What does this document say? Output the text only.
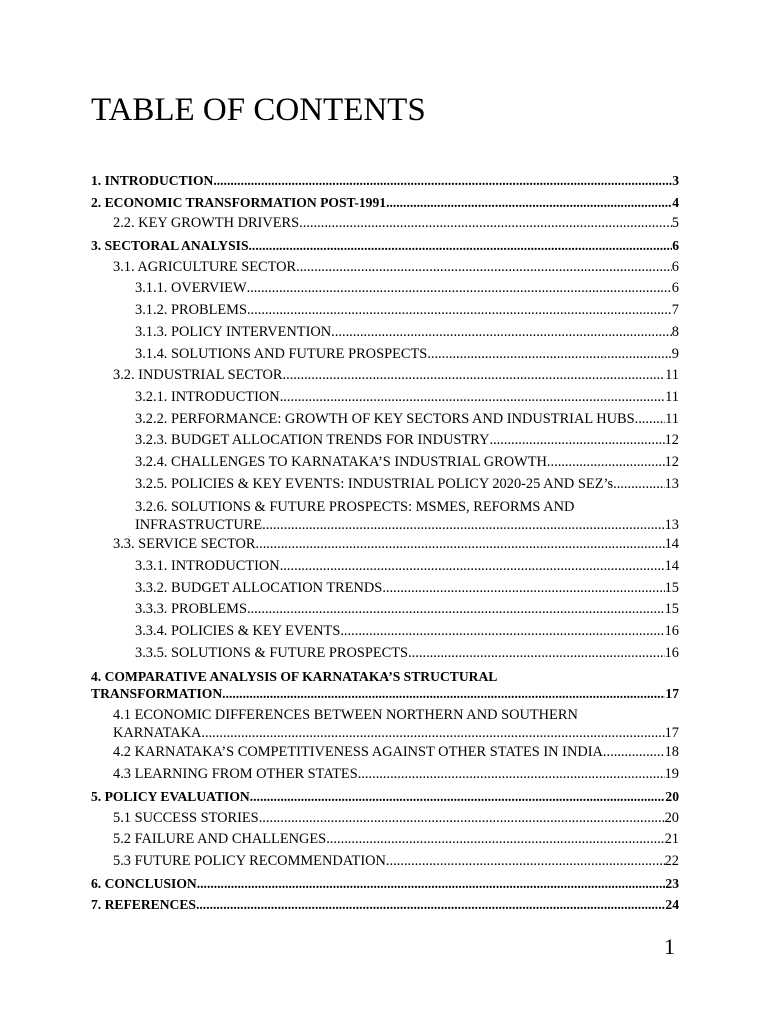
TABLE OF CONTENTS
1. INTRODUCTION .....	3
2. ECONOMIC TRANSFORMATION POST-1991 .....	4
2.2. KEY GROWTH DRIVERS .....	5
3. SECTORAL ANALYSIS .....	6
3.1. AGRICULTURE SECTOR .....	6
3.1.1. OVERVIEW .....	6
3.1.2. PROBLEMS .....	7
3.1.3. POLICY INTERVENTION .....	8
3.1.4. SOLUTIONS AND FUTURE PROSPECTS .....	9
3.2. INDUSTRIAL SECTOR .....	11
3.2.1. INTRODUCTION .....	11
3.2.2. PERFORMANCE: GROWTH OF KEY SECTORS AND INDUSTRIAL HUBS ..... 11
3.2.3. BUDGET ALLOCATION TRENDS FOR INDUSTRY .....	12
3.2.4. CHALLENGES TO KARNATAKA’S INDUSTRIAL GROWTH .....	12
3.2.5. POLICIES & KEY EVENTS: INDUSTRIAL POLICY 2020-25 AND SEZ’s .....	13
3.2.6. SOLUTIONS & FUTURE PROSPECTS: MSMES, REFORMS AND
INFRASTRUCTURE .....	13
3.3. SERVICE SECTOR .....	14
3.3.1. INTRODUCTION .....	14
3.3.2. BUDGET ALLOCATION TRENDS .....	15
3.3.3. PROBLEMS .....	15
3.3.4. POLICIES & KEY EVENTS .....	16
3.3.5. SOLUTIONS & FUTURE PROSPECTS .....	16
4. COMPARATIVE ANALYSIS OF KARNATAKA’S STRUCTURAL
TRANSFORMATION .....	17
4.1 ECONOMIC DIFFERENCES BETWEEN NORTHERN AND SOUTHERN
KARNATAKA .....	17
4.2 KARNATAKA’S COMPETITIVENESS AGAINST OTHER STATES IN INDIA .....	18
4.3 LEARNING FROM OTHER STATES .....	19
5. POLICY EVALUATION .....	20
5.1 SUCCESS STORIES .....	20
5.2 FAILURE AND CHALLENGES .....	21
5.3 FUTURE POLICY RECOMMENDATION .....	22
6. CONCLUSION .....	23
7. REFERENCES .....	24
1
